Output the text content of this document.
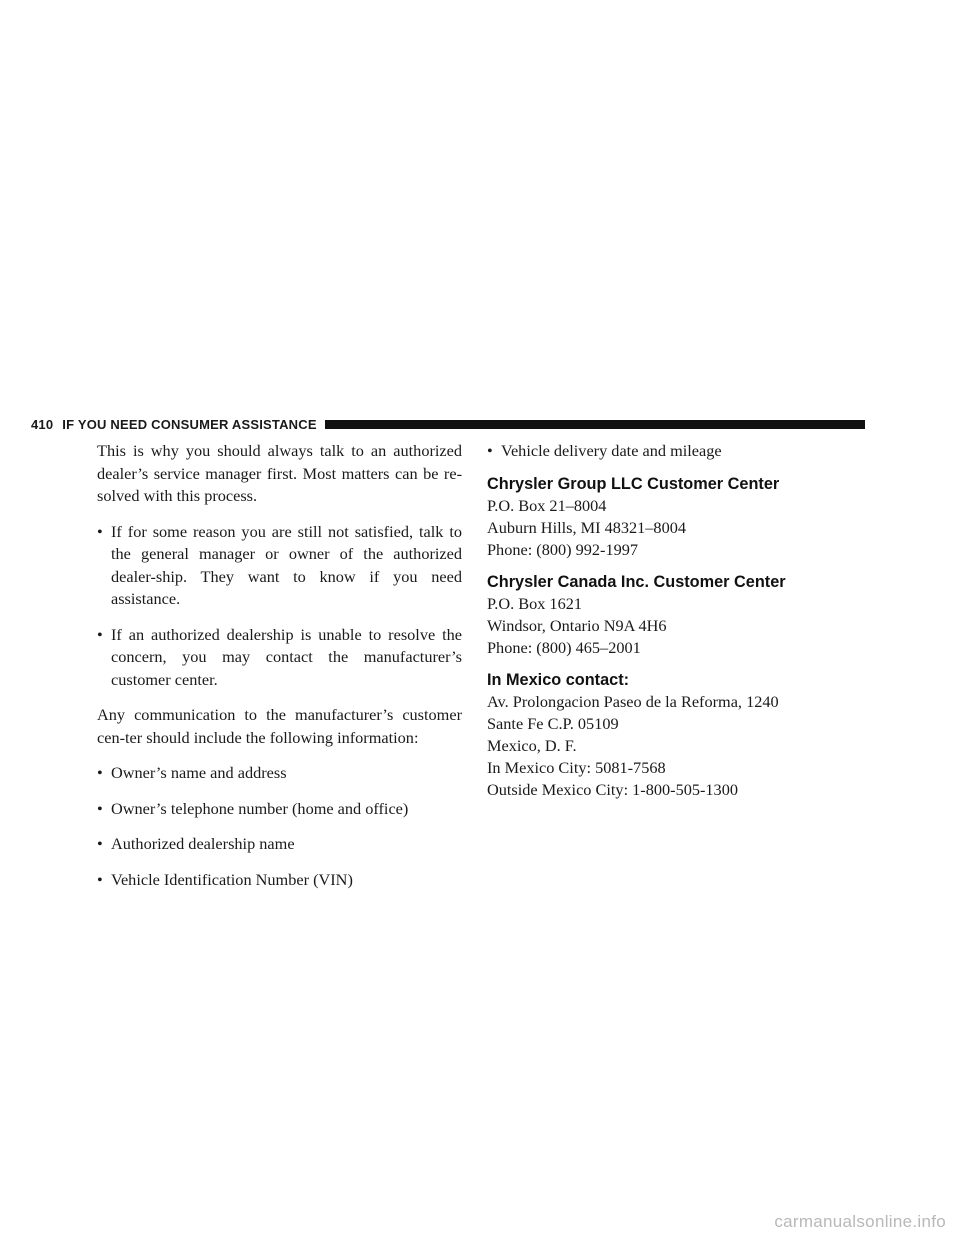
410 IF YOU NEED CONSUMER ASSISTANCE

This is why you should always talk to an authorized dealer’s service manager first. Most matters can be re-solved with this process.

• If for some reason you are still not satisfied, talk to the general manager or owner of the authorized dealer-ship. They want to know if you need assistance.
• If an authorized dealership is unable to resolve the concern, you may contact the manufacturer’s customer center.

Any communication to the manufacturer’s customer cen-ter should include the following information:

• Owner’s name and address
• Owner’s telephone number (home and office)
• Authorized dealership name
• Vehicle Identification Number (VIN)
• Vehicle delivery date and mileage
Chrysler Group LLC Customer Center

P.O. Box 21–8004

Auburn Hills, MI 48321–8004

Phone: (800) 992-1997

Chrysler Canada Inc. Customer Center

P.O. Box 1621

Windsor, Ontario N9A 4H6

Phone: (800) 465–2001

In Mexico contact:

Av. Prolongacion Paseo de la Reforma, 1240

Sante Fe C.P. 05109

Mexico, D. F.

In Mexico City: 5081-7568

Outside Mexico City: 1-800-505-1300

carmanualsonline.info
